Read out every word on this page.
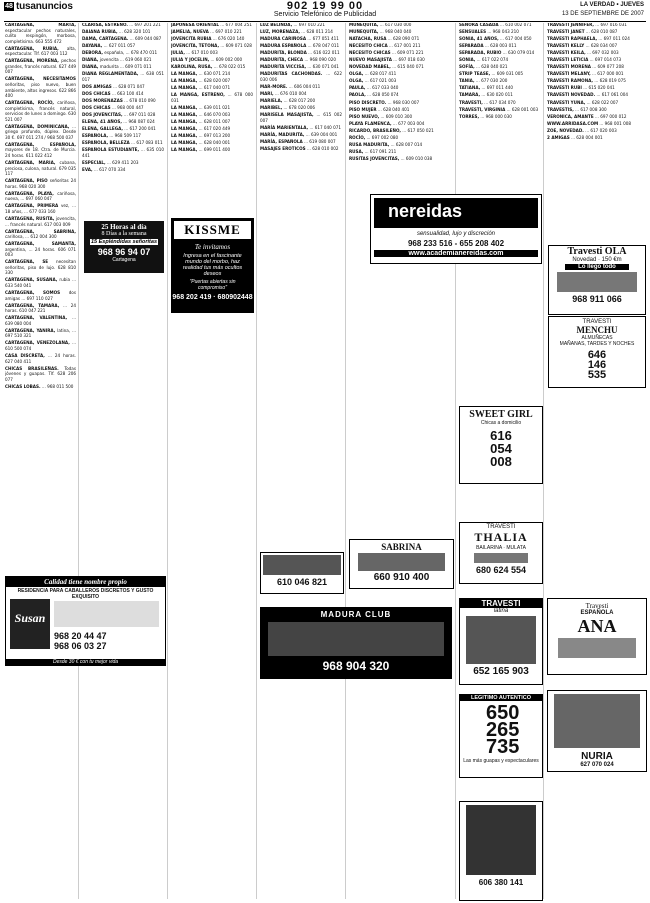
48 tusanuncios	902 19 99 00
Servicio Telefónico de Publicidad
LA VERDAD • JUEVES
13 DE SEPTIEMBRE DE 2007

CARTAGENA, MARTA, espectacular pechos naturales, culito respingón, morbosa, completísima. 663 555 472

CARTAGENA, RUBIA, alta, espectacular. Tlf. 617 003 112

CARTAGENA, MORENA, pechos grandes, francés natural. 627 449 007

CARTAGENA, NECESITAMOS señoritas, piso nuevo, buen ambiente, altos ingresos. 622 866 400

CARTAGENA, ROCÍO, cariñosa, completísima, francés natural, servicios de lunes a domingo. 630 521 007

CARTAGENA, DOMINICANA, ... griego profundo, dúplex. Desde 30 €. 697 011 274 / 968 500 037

CARTAGENA, ESPAÑOLA, mayores de 18. Ctra. de Murcia. 24 horas. 611 022 412

CARTAGENA, MARIA, cubana, preciosa, culona, natural. 679 035 117

CARTAGENA, PISO señoritas 24 horas. 968 020 300

CARTAGENA, PLAYA, cariñosa, nueva, ... 697 060 047

CARTAGENA, PRIMERA vez, ... 18 años, ... 677 033 160

CARTAGENA, RUSITA, jovencita, ... francés natural. 617 003 009

CARTAGENA, SABRINA, cariñosa, ... 612 004 300

CARTAGENA, SAMANTA, argentina, ... 24 horas. 606 071 003

CARTAGENA, SE necesitan señoritas, piso de lujo. 628 810 330

CARTAGENA, SUSANA, rubia ... 633 540 041

CARTAGENA, SOMOS dos amigas ... 697 110 027

CARTAGENA, TAMARA, ... 24 horas. 610 047 221

CARTAGENA, VALENTINA, ... 639 080 004

CARTAGENA, YANIRA, latina, ... 697 510 321

CARTAGENA, VENEZOLANA, ... 610 500 074

CASA DISCRETA, ... 24 horas. 627 040 411

CHICAS BRASILEÑAS. Todas jóvenes y guapas. Tlf. 628 206 077

CHICAS LOBAS. ... 968 011 500

CLARISA, ESTRENO. ... 697 201 221

DAIANA RUBIA, ... 628 320 101

DAMA, CARTAGENA. ... 609 044 087

DAYANA, ... 627 011 057

DEBORA, española, ... 678 470 011

DIANA, jovencita ... 619 060 021

DIANA, madurita ... 609 071 011

DIANA REGLAMENTADA, ... 638 051 017

DOS AMIGAS ... 628 071 047

DOS CHICAS ... 663 100 414

DOS MORENAZAS ... 678 010 090

DOS CHICAS ... 968 000 447

DOS JOVENCITAS, ... 697 011 028

ELENA, 41 AÑOS, ... 968 087 024

ELENA, GALLEGA, ... 617 200 041

ESPAÑOLA, ... 968 509 117

ESPAÑOLA, BELLEZA ... 617 083 011

ESPAÑOLA ESTUDIANTE, ... 635 010 441

ESPECIAL, ... 629 411 203

EVA, ... 617 070 334

JAPONESA ORIENTAL ... 677 004 251

JAMELIA, NUEVA ... 697 010 221

JOVENCITA RUBIA ... 676 020 140

JOVENCITA, TETONA, ... 609 071 028

JULIA, ... 617 010 003

JULIA Y JOCELIN, ... 609 002 000

KAROLINA, RUSA, ... 678 022 015

LA MANGA, ... 630 071 214

LA MANGA, ... 628 020 007

LA MANGA, ... 617 040 071

LA MANGA, ESTRENO, ... 678 000 031

LA MANGA, ... 639 011 021

LA MANGA, ... 646 070 003

LA MANGA, ... 628 011 007

LA MANGA, ... 617 020 449

LA MANGA, ... 697 013 200

LA MANGA, ... 628 040 001

LA MANGA, ... 699 011 400

LUZ BELINDA, ... 697 010 221

LUZ, MORENAZA, ... 628 011 214

MADURA CARIÑOSA ... 677 051 411

MADURA ESPAÑOLA ... 678 047 011

MADURITA, BLONDA ... 616 022 011

MADURITA, CHECA ... 968 090 020

MADURITA VICCISA, ... 630 071 041

MADURITAS CACHONDAS. ... 622 030 006

MAR-MORE. ... 606 004 011

MARI, ... 676 010 004

MARIELA, ... 628 017 200

MARIBEL, ... 678 020 006

MARISELA MASAJISTA, ... 615 002 007

MARÍA MARIENTALA, ... 617 040 071

MARÍA, MADURITA, ... 639 004 001

MARÍA, ESPAÑOLA ... 619 080 007

MASAJES EROTICOS ... 628 010 002

MUÑEQUITA, ... 617 030 000

MUÑEQUITA, ... 968 040 040

NATACHA, RUSA ... 628 090 071

NECESITO CHICA ... 617 001 211

NECESITO CHICAS ... 609 071 221

NUEVO MASAJISTA ... 697 018 030

NOVEDAD MABEL, ... 615 040 071

OLGA, ... 628 017 411

OLGA, ... 617 021 003

PAULA, ... 617 033 040

PAOLA, ... 628 050 074

PISO DISCRETO. ... 968 030 007

PISO MUJER ... 628 040 401

PISO NUEVO, ... 609 010 300

PLAYA FLAMENCA, ... 677 003 004

RICARDO, BRASILEÑO, ... 617 050 021

ROCÍO, ... 697 002 080

RUSA MADURITA, ... 628 007 014

RUSA, ... 617 091 211

RUSITAS JOVENCITAS, ... 609 010 038

SEÑORA CASADA ... 610 002 071

SENSUALES ... 968 043 210

SONIA, 41 AÑOS, ... 617 004 050

SEPARADA ... 628 003 011

SEPARADA, RUBIO ... 630 079 014

SONIA, ... 617 022 074

SOFÍA, ... 628 040 021

STRIP TEASE, ... 609 031 005

TANIA, ... 677 030 200

TATIANA, ... 697 011 440

TAMARA, ... 630 020 011

TRAVESTI, ... 617 034 070

TRAVESTI, VIRGINIA ... 628 001 003

TORRES, ... 968 000 030

TRAVESTI JENNIFER, ... 697 016 031

TRAVESTI JANET ... 628 010 087

TRAVESTI RAPHAELA, ... 697 011 024

TRAVESTI KELLY ... 628 034 007

TRAVESTI KEILA, ... 697 032 003

TRAVESTI LETICIA ... 697 014 073

TRAVESTI MORENA ... 609 077 208

TRAVESTI MELANY, ... 617 000 001

TRAVESTI RAMONA, ... 628 019 075

TRAVESTI RUBI ... 615 020 041

TRAVESTI NOVEDAD. ... 617 061 004

TRAVESTI YUNA, ... 628 022 007

TRAVESTIS, ... 617 008 300

VERONICA, AMANTE ... 697 000 012

WWW.ARRIDASA.COM ... 968 001 008

ZOE, NOVEDAD. ... 617 020 003

2 AMIGAS ... 628 004 001

25 Horas al día
8 Días a la semana
15 Espléndidas señoritas
968 96 94 07
Cartagena
KISSME
Te invitamos
Ingresa en el fascinante mundo del morbo, haz realidad tus más ocultos deseos
"Puertas abiertas sin compromiso"
968 202 419 · 680902448
nereidas
sensualidad, lujo y discreción
968 233 516 - 655 208 402
www.academianereidas.com	Travesti OLA
Novedad · 150 €m
Lo llego todo
968 911 066
TRAVESTI
MENCHU
ALMUÑECAS
MAÑANAS, TARDES Y NOCHES
646 146 535
Calidad tiene nombre propio
RESIDENCIA PARA CABALLEROS DISCRETOS Y GUSTO EXQUISITO
Susan
968 20 44 47
968 06 03 27
Desde 30 € con tu mejor vida
610 046 821
SABRINA
660 910 400
MADURA CLUB
968 904 320
SWEET GIRL
Chicas a domicilio
616 054 008
TRAVESTI
THALIA
BAILARINA · MULATA
680 624 554
TRAVESTI
latina
652 165 903
Travesti
ESPAÑOLA
ANA
LEGÍTIMO AUTÉNTICO
650 265 735
Las más guapas y espectaculares
606 380 141
NURIA
627 070 024
